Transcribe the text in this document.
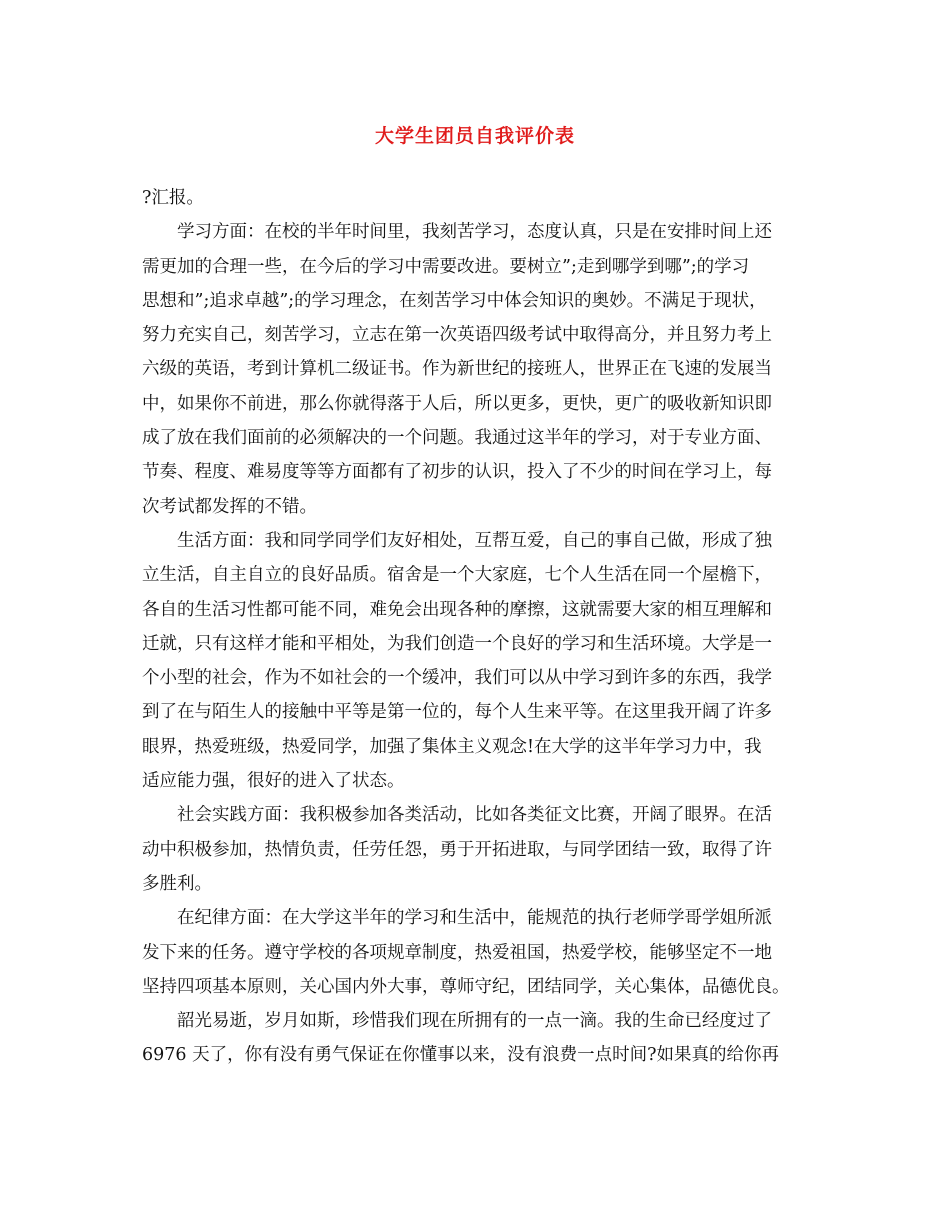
大学生团员自我评价表
?汇报。
学习方面：在校的半年时间里，我刻苦学习，态度认真，只是在安排时间上还
需更加的合理一些，在今后的学习中需要改进。要树立”;走到哪学到哪”;的学习
思想和”;追求卓越”;的学习理念，在刻苦学习中体会知识的奥妙。不满足于现状，
努力充实自己，刻苦学习，立志在第一次英语四级考试中取得高分，并且努力考上
六级的英语，考到计算机二级证书。作为新世纪的接班人，世界正在飞速的发展当
中，如果你不前进，那么你就得落于人后，所以更多，更快，更广的吸收新知识即
成了放在我们面前的必须解决的一个问题。我通过这半年的学习，对于专业方面、
节奏、程度、难易度等等方面都有了初步的认识，投入了不少的时间在学习上，每
次考试都发挥的不错。
生活方面：我和同学同学们友好相处，互帮互爱，自己的事自己做，形成了独
立生活，自主自立的良好品质。宿舍是一个大家庭，七个人生活在同一个屋檐下，
各自的生活习性都可能不同，难免会出现各种的摩擦，这就需要大家的相互理解和
迁就，只有这样才能和平相处，为我们创造一个良好的学习和生活环境。大学是一
个小型的社会，作为不如社会的一个缓冲，我们可以从中学习到许多的东西，我学
到了在与陌生人的接触中平等是第一位的，每个人生来平等。在这里我开阔了许多
眼界，热爱班级，热爱同学，加强了集体主义观念!在大学的这半年学习力中，我
适应能力强，很好的进入了状态。
社会实践方面：我积极参加各类活动，比如各类征文比赛，开阔了眼界。在活
动中积极参加，热情负责，任劳任怨，勇于开拓进取，与同学团结一致，取得了许
多胜利。
在纪律方面：在大学这半年的学习和生活中，能规范的执行老师学哥学姐所派
发下来的任务。遵守学校的各项规章制度，热爱祖国，热爱学校，能够坚定不一地
坚持四项基本原则，关心国内外大事，尊师守纪，团结同学，关心集体，品德优良。
韶光易逝，岁月如斯，珍惜我们现在所拥有的一点一滴。我的生命已经度过了
6976 天了，你有没有勇气保证在你懂事以来，没有浪费一点时间?如果真的给你再
